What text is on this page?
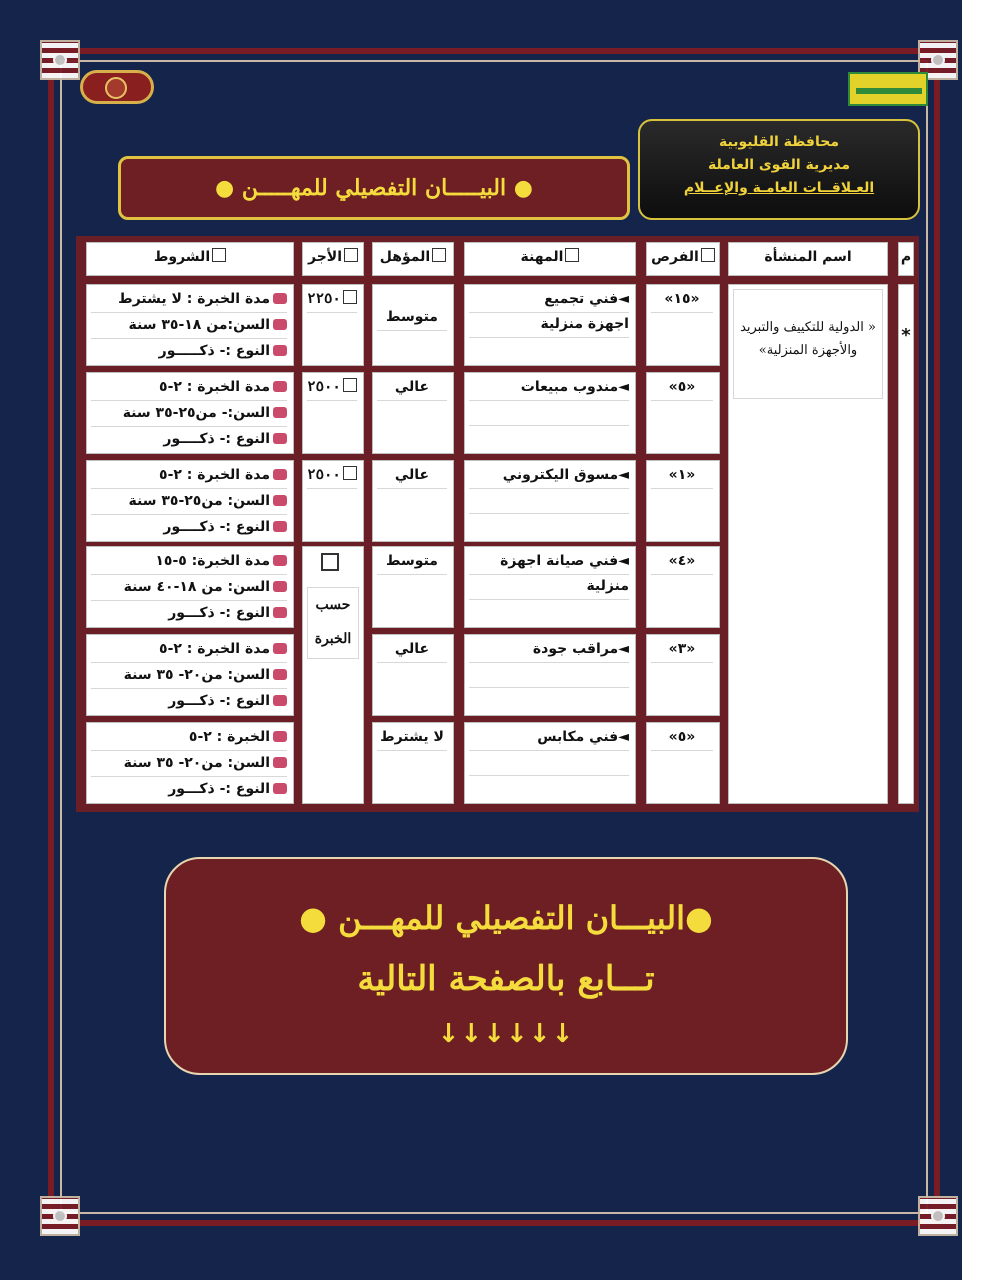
محافظة القليوبية
مديرية القوى العاملة
العـلاقــات العامـة والإعــلام
● البيـــــان التفصيلي للمهـــــن ●
م
اسم المنشأة
الفرص
المهنة
المؤهل
الأجر
الشروط
*
« الدولية للتكييف والتبريد والأجهزة المنزلية»
حسب الخبرة
«١٥»
◄فني تجميع
اجهزة منزلية
متوسط
مدة الخبرة : لا يشترط
السن:من ١٨-٣٥ سنة
النوع :- ذكـــــور
٢٢٥٠
«٥»
◄مندوب مبيعات
عالي
مدة الخبرة : ٢-٥
السن:- من٢٥-٣٥ سنة
النوع :- ذكــــور
٢٥٠٠
«١»
◄مسوق اليكتروني
عالي
مدة الخبرة : ٢-٥
السن: من٢٥-٣٥ سنة
النوع :- ذكــــور
٢٥٠٠
«٤»
◄فني صيانة اجهزة
منزلية
متوسط
مدة الخبرة: ٥-١٥
السن: من ١٨-٤٠ سنة
النوع :- ذكـــور
«٣»
◄مراقب جودة
عالي
مدة الخبرة : ٢-٥
السن: من٢٠- ٣٥ سنة
النوع :- ذكـــور
«٥»
◄فني مكابس
لا يشترط
الخبرة : ٢-٥
السن: من٢٠- ٣٥ سنة
النوع :- ذكـــور
●البيـــان التفصيلي للمهـــن ●
تـــابع بالصفحة التالية
↓↓↓↓↓↓
